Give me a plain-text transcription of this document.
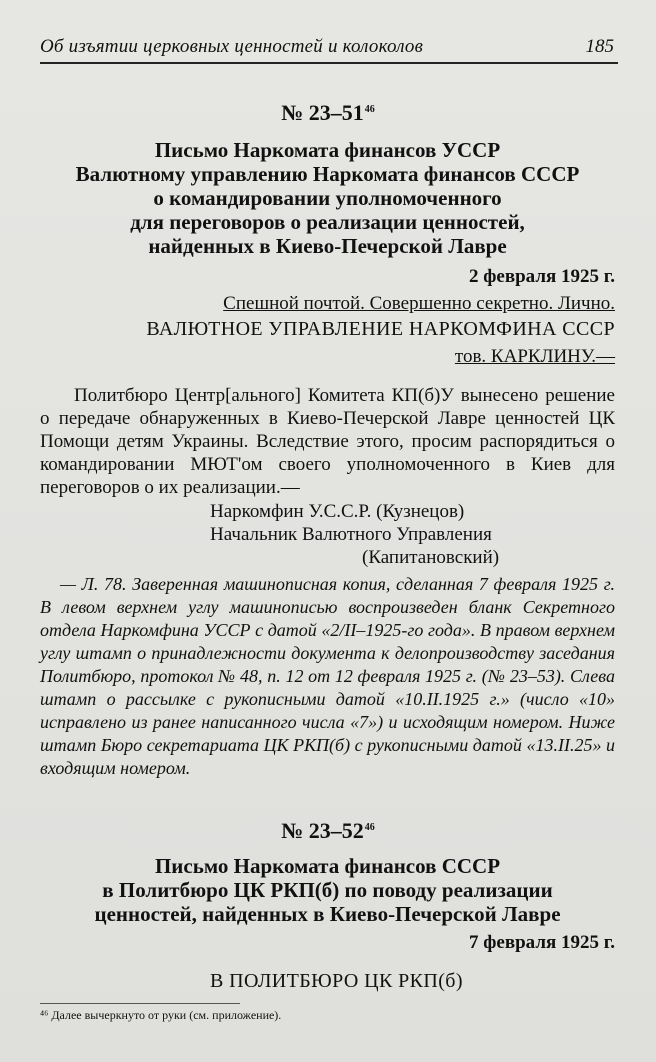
Об изъятии церковных ценностей и колоколов	185
№ $23-51^{46}$
Письмо Наркомата финансов УССР
Валютному управлению Наркомата финансов СССР
о командировании уполномоченного
для переговоров о реализации ценностей,
найденных в Киево-Печерской Лавре
2 февраля 1925 г.
Спешной почтой. Совершенно секретно. Лично.
ВАЛЮТНОЕ УПРАВЛЕНИЕ НАРКОМФИНА СССР
тов. КАРКЛИНУ.—
Политбюро Центр[ального] Комитета КП(б)У вынесено решение о передаче обнаруженных в Киево-Печерской Лавре ценностей ЦК Помощи детям Украины. Вследствие этого, просим распорядиться о командировании МЮТ'ом своего уполномоченного в Киев для переговоров о их реализации.—
Наркомфин У.С.С.Р. (Кузнецов)
Начальник Валютного Управления
(Капитановский)
— Л. 78. Заверенная машинописная копия, сделанная 7 февраля 1925 г. В левом верхнем углу машинописью воспроизведен бланк Секретного отдела Наркомфина УССР с датой «2/II–1925-го года». В правом верхнем углу штамп о принадлежности документа к делопроизводству заседания Политбюро, протокол № 48, п. 12 от 12 февраля 1925 г. (№ 23–53). Слева штамп о рассылке с рукописными датой «10.II.1925 г.» (число «10» исправлено из ранее написанного числа «7») и исходящим номером. Ниже штамп Бюро секретариата ЦК РКП(б) с рукописными датой «13.II.25» и входящим номером.
№ $23-52^{46}$
Письмо Наркомата финансов СССР
в Политбюро ЦК РКП(б) по поводу реализации
ценностей, найденных в Киево-Печерской Лавре
7 февраля 1925 г.
В ПОЛИТБЮРО ЦК РКП(б)
⁴⁶ Далее вычеркнуто от руки (см. приложение).
